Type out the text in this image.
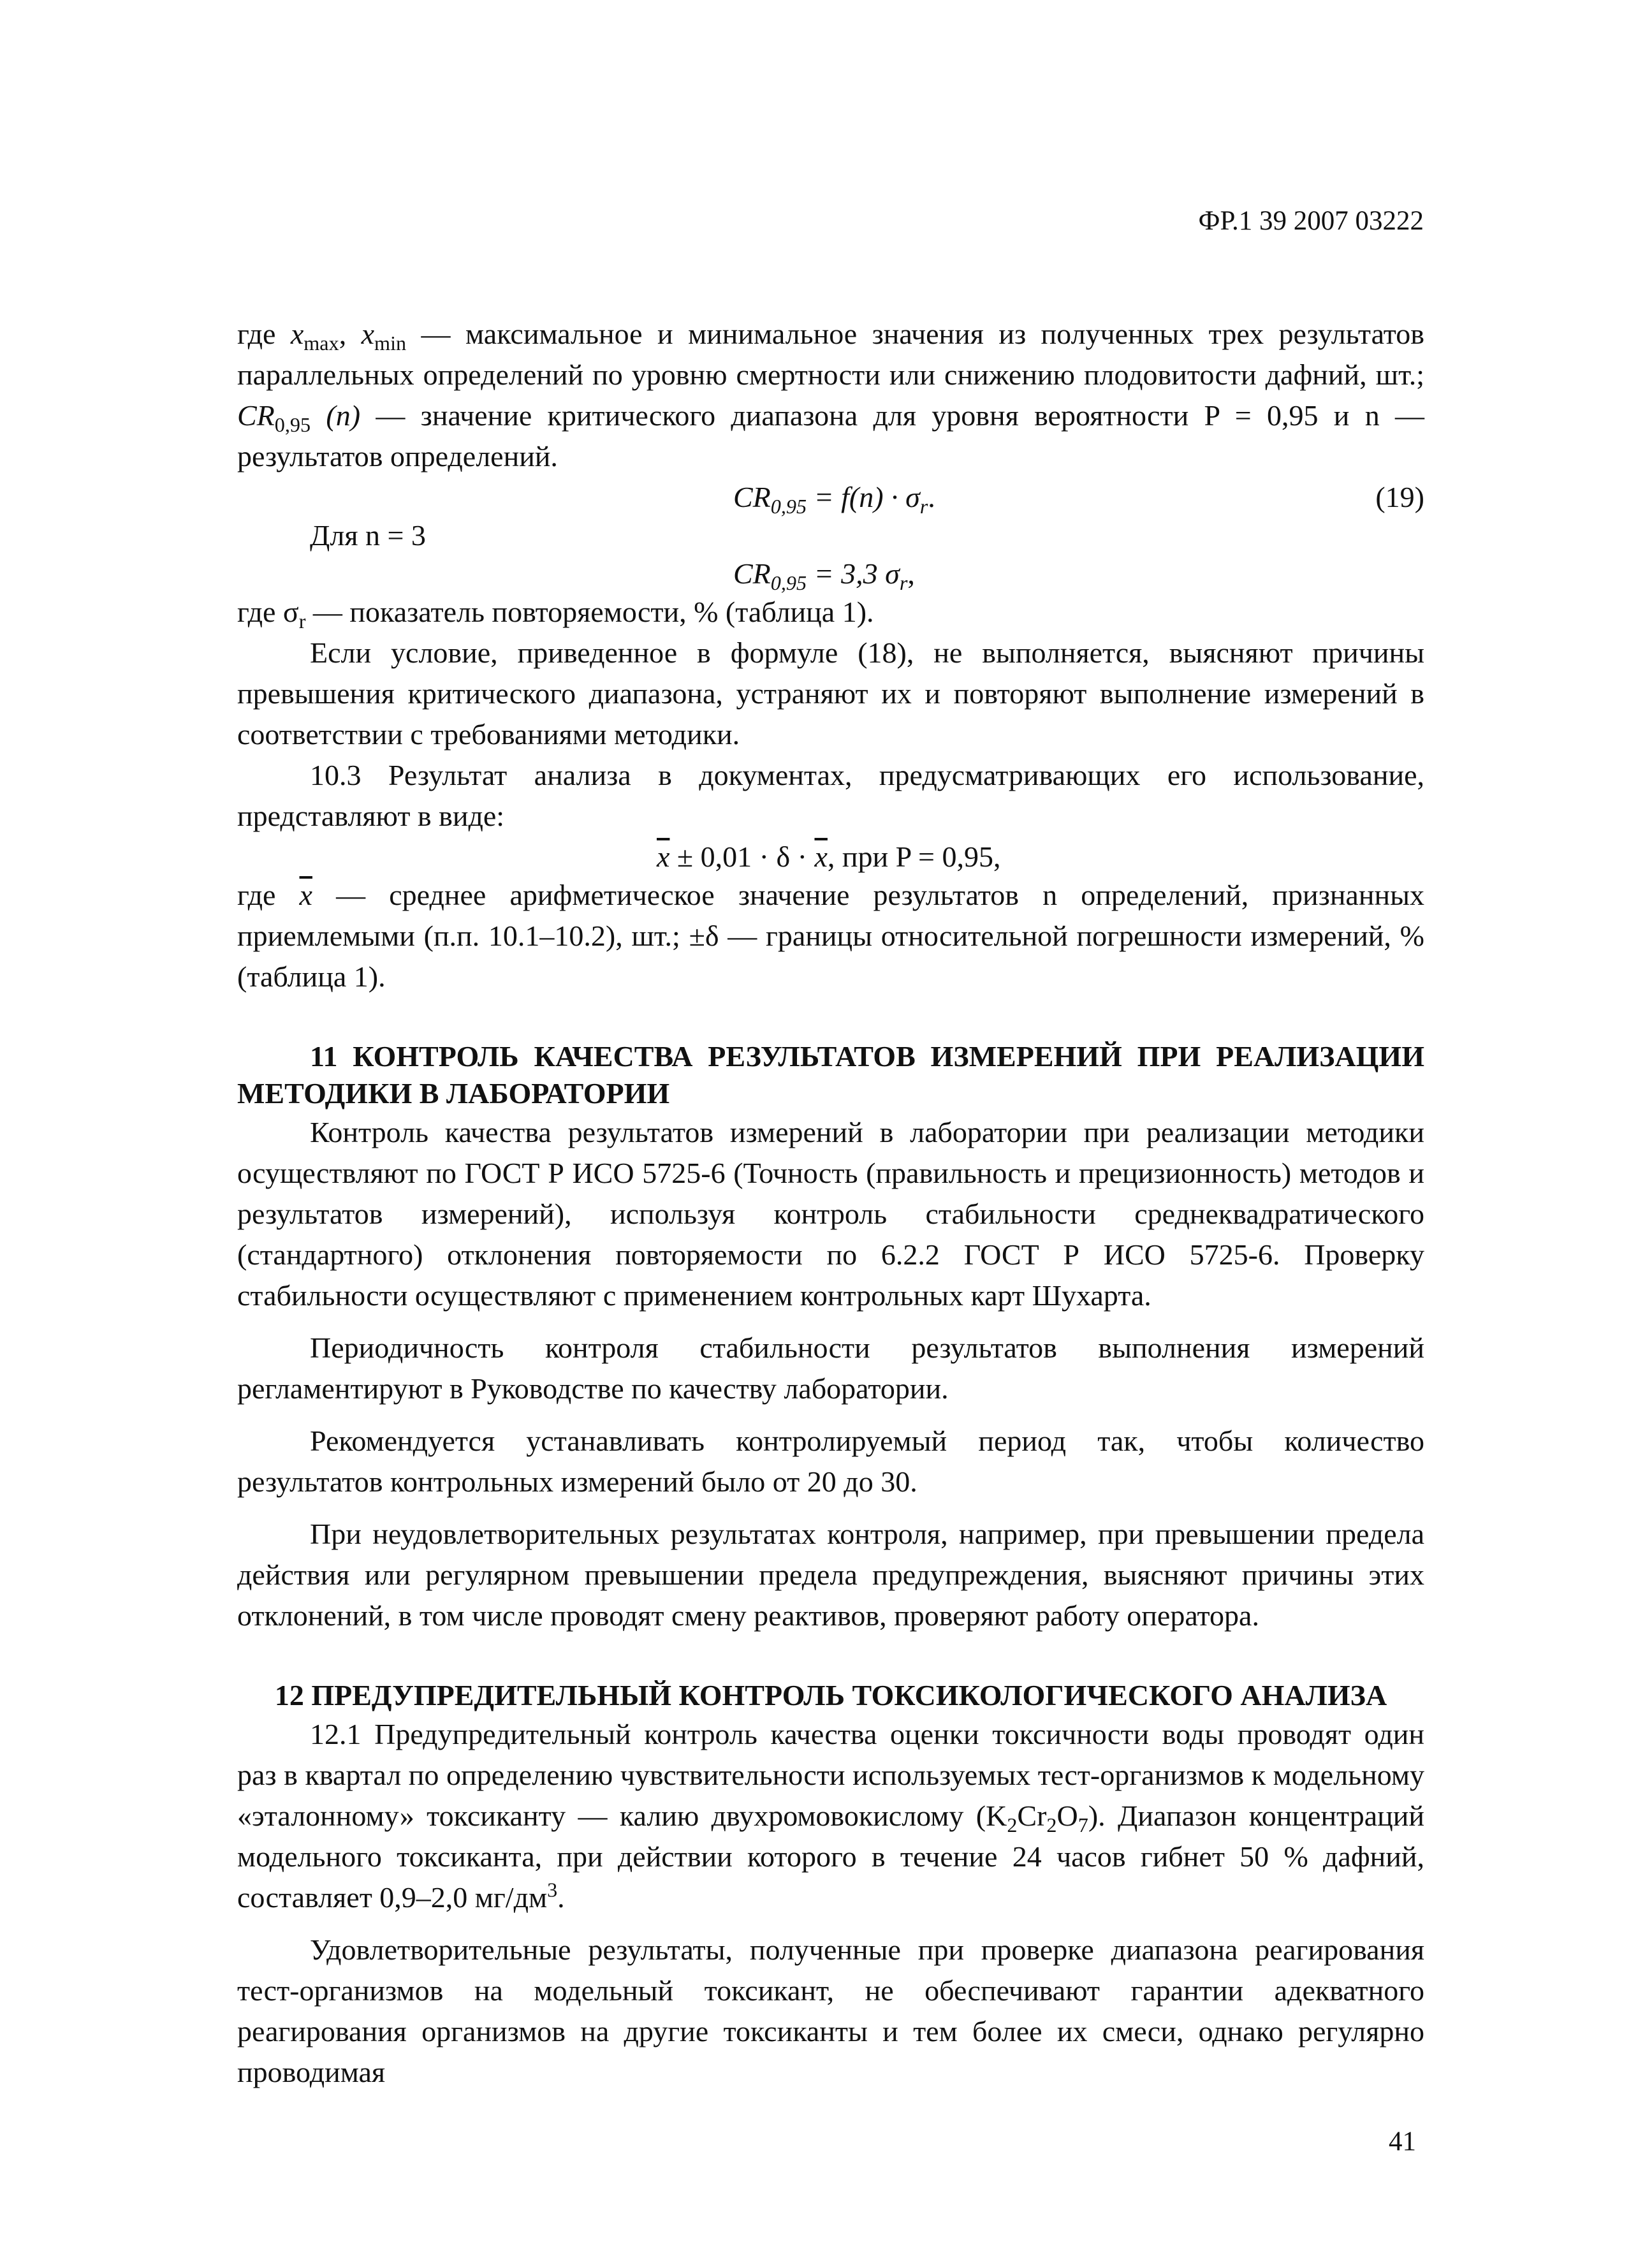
ФР.1 39 2007 03222

где $x_{max}$, $x_{min}$ — максимальное и минимальное значения из полученных трех результатов параллельных определений по уровню смертности или снижению плодовитости дафний, шт.; $CR_{0,95}$ (n) — значение критического диапазона для уровня вероятности P = 0,95 и n — результатов определений.

$CR_{0,95} = f(n) \cdot \sigma_r$.	(19)
Для n = 3
$CR_{0,95} = 3,3$ $\sigma_r$,

где $\sigma_r$ — показатель повторяемости, % (таблица 1).

Если условие, приведенное в формуле (18), не выполняется, выясняют причины превышения критического диапазона, устраняют их и повторяют выполнение измерений в соответствии с требованиями методики.

10.3 Результат анализа в документах, предусматривающих его использование, представляют в виде:

$\overline{x} \pm 0,01 \cdot \delta \cdot \overline{x}$, при P = 0,95,

где $\overline{x}$ — среднее арифметическое значение результатов n определений, признанных приемлемыми (п.п. 10.1–10.2), шт.; ±δ — границы относительной погрешности измерений, % (таблица 1).

11 КОНТРОЛЬ КАЧЕСТВА РЕЗУЛЬТАТОВ ИЗМЕРЕНИЙ ПРИ РЕАЛИЗАЦИИ МЕТОДИКИ В ЛАБОРАТОРИИ

Контроль качества результатов измерений в лаборатории при реализации методики осуществляют по ГОСТ Р ИСО 5725-6 (Точность (правильность и прецизионность) методов и результатов измерений), используя контроль стабильности среднеквадратического (стандартного) отклонения повторяемости по 6.2.2 ГОСТ Р ИСО 5725-6. Проверку стабильности осуществляют с применением контрольных карт Шухарта.

Периодичность контроля стабильности результатов выполнения измерений регламентируют в Руководстве по качеству лаборатории.

Рекомендуется устанавливать контролируемый период так, чтобы количество результатов контрольных измерений было от 20 до 30.

При неудовлетворительных результатах контроля, например, при превышении предела действия или регулярном превышении предела предупреждения, выясняют причины этих отклонений, в том числе проводят смену реактивов, проверяют работу оператора.

12 ПРЕДУПРЕДИТЕЛЬНЫЙ КОНТРОЛЬ ТОКСИКОЛОГИЧЕСКОГО АНАЛИЗА

12.1 Предупредительный контроль качества оценки токсичности воды проводят один раз в квартал по определению чувствительности используемых тест-организмов к модельному «эталонному» токсиканту — калию двухромовокислому $(K_2Cr_2O_7)$. Диапазон концентраций модельного токсиканта, при действии которого в течение 24 часов гибнет 50 % дафний, составляет 0,9–2,0 $мг/дм^3$.

Удовлетворительные результаты, полученные при проверке диапазона реагирования тест-организмов на модельный токсикант, не обеспечивают гарантии адекватного реагирования организмов на другие токсиканты и тем более их смеси, однако регулярно проводимая

41
